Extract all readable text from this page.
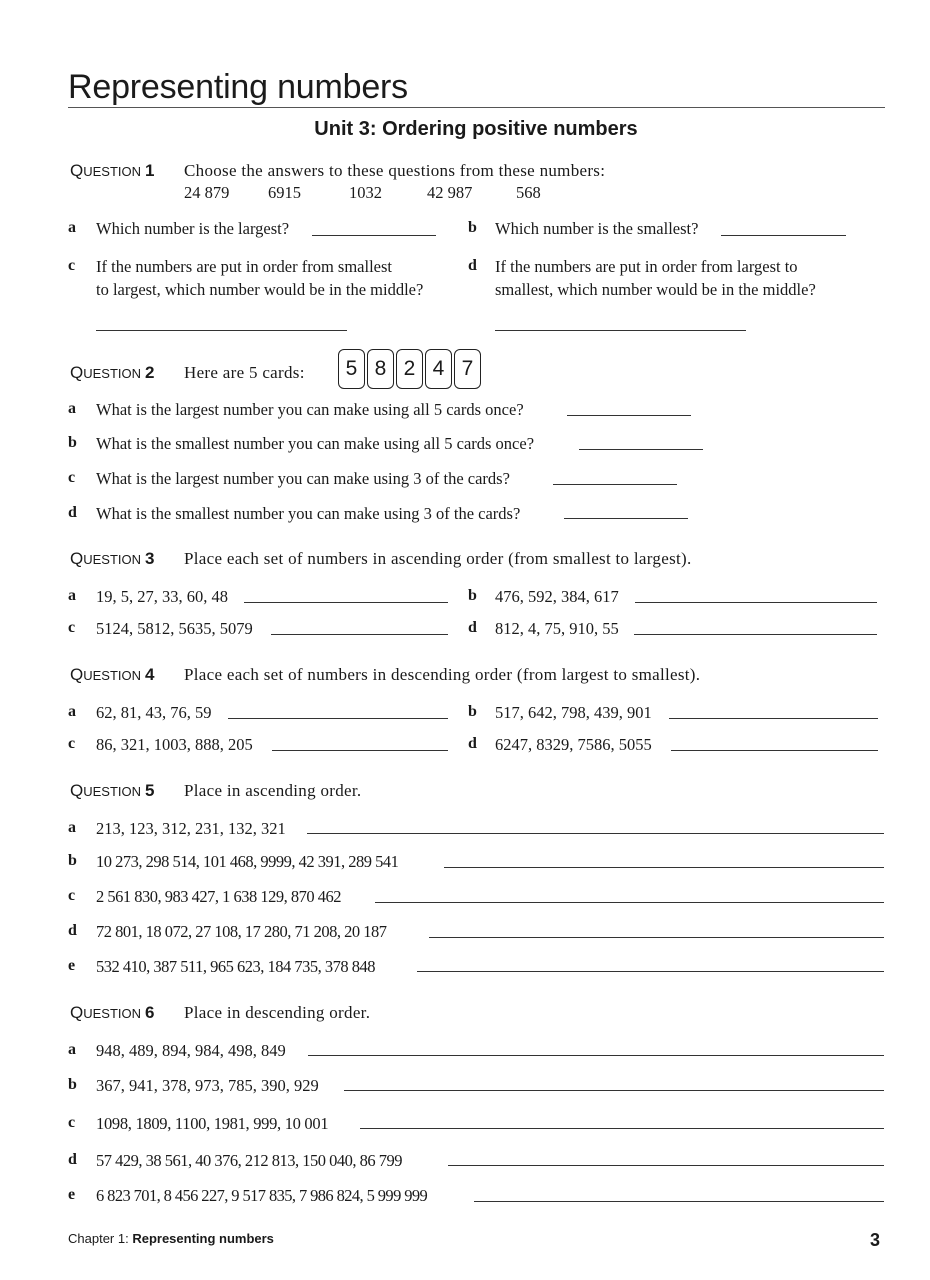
Representing numbers
Unit 3: Ordering positive numbers
QUESTION 1 Choose the answers to these questions from these numbers:
24 879 6915	1032	42 987	568
a Which number is the largest?	b Which number is the smallest?
c If the numbers are put in order from smallest
to largest, which number would be in the middle?
d If the numbers are put in order from largest to
smallest, which number would be in the middle?
QUESTION 2 Here are 5 cards:	5 8 2 4 7
a What is the largest number you can make using all 5 cards once?
b What is the smallest number you can make using all 5 cards once?
c What is the largest number you can make using 3 of the cards?
d What is the smallest number you can make using 3 of the cards?
QUESTION 3 Place each set of numbers in ascending order (from smallest to largest).
a 19, 5, 27, 33, 60, 48	b 476, 592, 384, 617
c 5124, 5812, 5635, 5079	d 812, 4, 75, 910, 55
QUESTION 4 Place each set of numbers in descending order (from largest to smallest).
a 62, 81, 43, 76, 59	b 517, 642, 798, 439, 901
c 86, 321, 1003, 888, 205	d 6247, 8329, 7586, 5055
QUESTION 5 Place in ascending order.
a 213, 123, 312, 231, 132, 321
b 10 273, 298 514, 101 468, 9999, 42 391, 289 541
c 2 561 830, 983 427, 1 638 129, 870 462
d 72 801, 18 072, 27 108, 17 280, 71 208, 20 187
e 532 410, 387 511, 965 623, 184 735, 378 848
QUESTION 6 Place in descending order.
a 948, 489, 894, 984, 498, 849
b 367, 941, 378, 973, 785, 390, 929
c 1098, 1809, 1100, 1981, 999, 10 001
d 57 429, 38 561, 40 376, 212 813, 150 040, 86 799
e 6 823 701, 8 456 227, 9 517 835, 7 986 824, 5 999 999
Chapter 1: Representing numbers	3
